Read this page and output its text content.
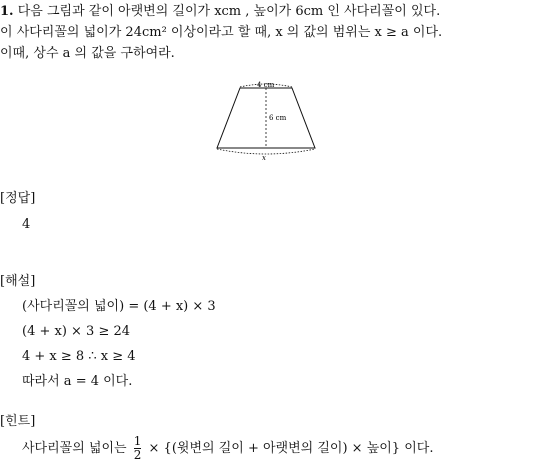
1. 다음 그림과 같이 아랫변의 길이가 xcm , 높이가 6cm 인 사다리꼴이 있다.
이 사다리꼴의 넓이가 24cm² 이상이라고 할 때, x 의 값의 범위는 x ≥ a 이다.
이때, 상수 a 의 값을 구하여라.
4 cm
6 cm
x
[정답]
4
[해설]
(사다리꼴의 넓이) = (4 + x) × 3
(4 + x) × 3 ≥ 24
4 + x ≥ 8 ∴ x ≥ 4
따라서 a = 4 이다.
[힌트]
사다리꼴의 넓이는 $\frac{1}{2}$ × {(윗변의 길이 + 아랫변의 길이) × 높이} 이다.
